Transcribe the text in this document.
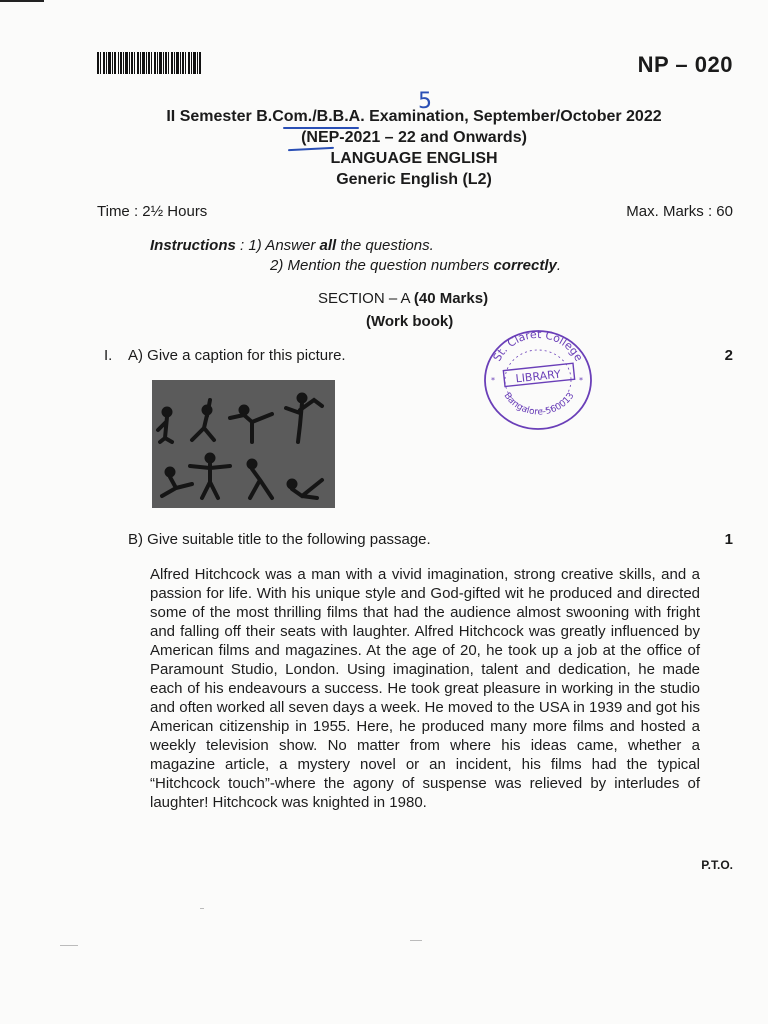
NP – 020
5
II Semester B.Com./B.B.A. Examination, September/October 2022
(NEP-2021 – 22 and Onwards)
LANGUAGE ENGLISH
Generic English (L2)
Time : 2½ Hours	Max. Marks : 60
Instructions : 1) Answer all the questions.
2) Mention the question numbers correctly.
SECTION – A (40 Marks)
(Work book)
St. Claret College
LIBRARY
Bangalore-560013
*	*
I. A) Give a caption for this picture.	2
B) Give suitable title to the following passage.	1
Alfred Hitchcock was a man with a vivid imagination, strong creative skills, and a passion for life. With his unique style and God-gifted wit he produced and directed some of the most thrilling films that had the audience almost swooning with fright and falling off their seats with laughter. Alfred Hitchcock was greatly influenced by American films and magazines. At the age of 20, he took up a job at the office of Paramount Studio, London. Using imagination, talent and dedication, he made each of his endeavours a success. He took great pleasure in working in the studio and often worked all seven days a week. He moved to the USA in 1939 and got his American citizenship in 1955. Here, he produced many more films and hosted a weekly television show. No matter from where his ideas came, whether a magazine article, a mystery novel or an incident, his films had the typical “Hitchcock touch”-where the agony of suspense was relieved by interludes of laughter! Hitchcock was knighted in 1980.
P.T.O.
